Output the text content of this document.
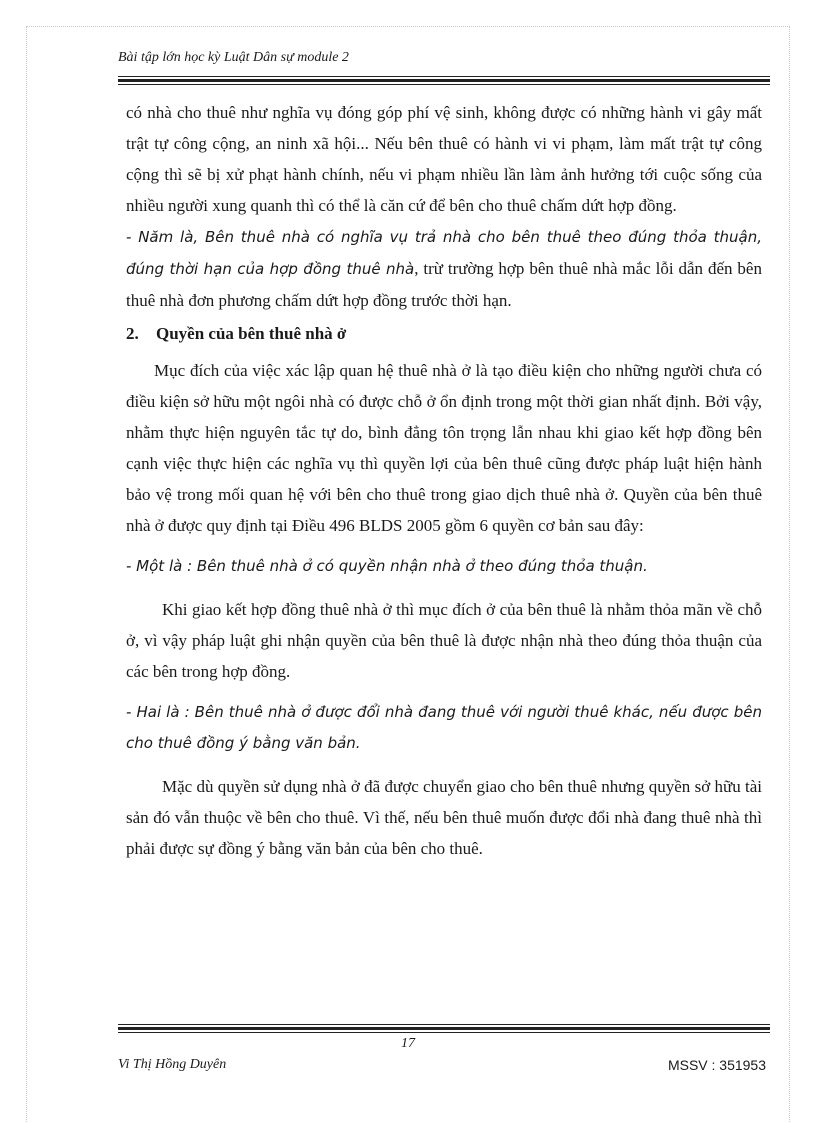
Bài tập lớn học kỳ Luật Dân sự module 2

có nhà cho thuê như nghĩa vụ đóng góp phí vệ sinh, không được có những hành vi gây mất trật tự công cộng, an ninh xã hội... Nếu bên thuê có hành vi vi phạm, làm mất trật tự công cộng thì sẽ bị xử phạt hành chính, nếu vi phạm nhiều lần làm ảnh hưởng tới cuộc sống của nhiều người xung quanh thì có thể là căn cứ để bên cho thuê chấm dứt hợp đồng.

- Năm là, Bên thuê nhà có nghĩa vụ trả nhà cho bên thuê theo đúng thỏa thuận, đúng thời hạn của hợp đồng thuê nhà, trừ trường hợp bên thuê nhà mắc lỗi dẫn đến bên thuê nhà đơn phương chấm dứt hợp đồng trước thời hạn.

2. Quyền của bên thuê nhà ở

Mục đích của việc xác lập quan hệ thuê nhà ở là tạo điều kiện cho những người chưa có điều kiện sở hữu một ngôi nhà có được chỗ ở ổn định trong một thời gian nhất định. Bởi vậy, nhằm thực hiện nguyên tắc tự do, bình đẳng tôn trọng lẫn nhau khi giao kết hợp đồng bên cạnh việc thực hiện các nghĩa vụ thì quyền lợi của bên thuê cũng được pháp luật hiện hành bảo vệ trong mối quan hệ với bên cho thuê trong giao dịch thuê nhà ở. Quyền của bên thuê nhà ở được quy định tại Điều 496 BLDS 2005 gồm 6 quyền cơ bản sau đây:

- Một là : Bên thuê nhà ở có quyền nhận nhà ở theo đúng thỏa thuận.

Khi giao kết hợp đồng thuê nhà ở thì mục đích ở của bên thuê là nhằm thỏa mãn về chỗ ở, vì vậy pháp luật ghi nhận quyền của bên thuê là được nhận nhà theo đúng thỏa thuận của các bên trong hợp đồng.

- Hai là : Bên thuê nhà ở được đổi nhà đang thuê với người thuê khác, nếu được bên cho thuê đồng ý bằng văn bản.

Mặc dù quyền sử dụng nhà ở đã được chuyển giao cho bên thuê nhưng quyền sở hữu tài sản đó vẫn thuộc về bên cho thuê. Vì thế, nếu bên thuê muốn được đổi nhà đang thuê nhà thì phải được sự đồng ý bằng văn bản của bên cho thuê.

17
Vi Thị Hồng Duyên	MSSV : 351953
